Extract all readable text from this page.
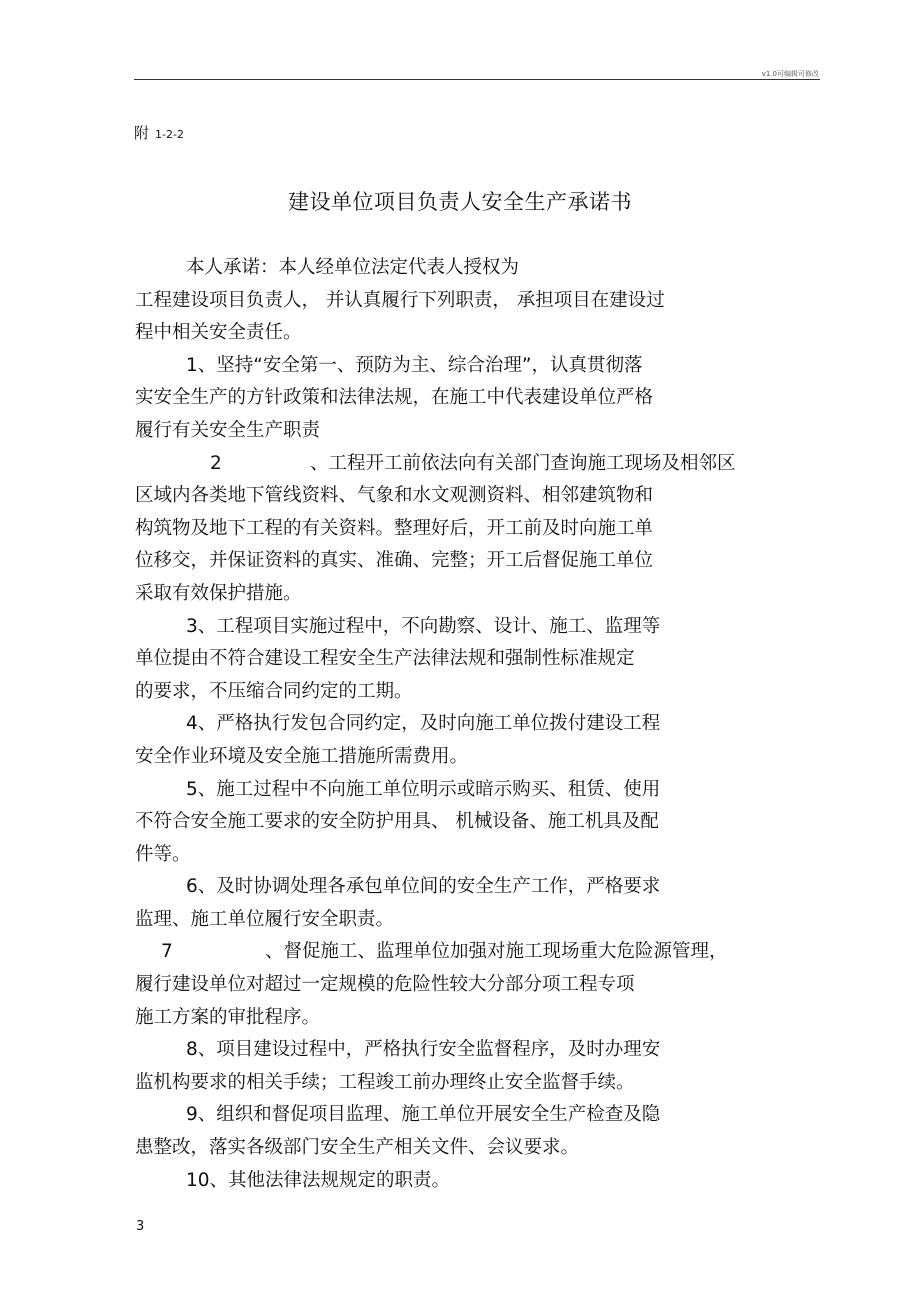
v1.0可编辑可修改
附 1-2-2
建设单位项目负责人安全生产承诺书
本人承诺：本人经单位法定代表人授权为
工程建设项目负责人， 并认真履行下列职责， 承担项目在建设过
程中相关安全责任。
1、坚持“安全第一、预防为主、综合治理”，认真贯彻落
实安全生产的方针政策和法律法规，在施工中代表建设单位严格
履行有关安全生产职责
2	、工程开工前依法向有关部门查询施工现场及相邻区
区域内各类地下管线资料、气象和水文观测资料、相邻建筑物和
构筑物及地下工程的有关资料。整理好后，开工前及时向施工单
位移交，并保证资料的真实、准确、完整；开工后督促施工单位
采取有效保护措施。
3、工程项目实施过程中，不向勘察、设计、施工、监理等
单位提由不符合建设工程安全生产法律法规和强制性标准规定
的要求，不压缩合同约定的工期。
4、严格执行发包合同约定，及时向施工单位拨付建设工程
安全作业环境及安全施工措施所需费用。
5、施工过程中不向施工单位明示或暗示购买、租赁、使用
不符合安全施工要求的安全防护用具、 机械设备、施工机具及配
件等。
6、及时协调处理各承包单位间的安全生产工作，严格要求
监理、施工单位履行安全职责。
7	、督促施工、监理单位加强对施工现场重大危险源管理，
履行建设单位对超过一定规模的危险性较大分部分项工程专项
施工方案的审批程序。
8、项目建设过程中，严格执行安全监督程序，及时办理安
监机构要求的相关手续；工程竣工前办理终止安全监督手续。
9、组织和督促项目监理、施工单位开展安全生产检查及隐
患整改，落实各级部门安全生产相关文件、会议要求。
10、其他法律法规规定的职责。
3
